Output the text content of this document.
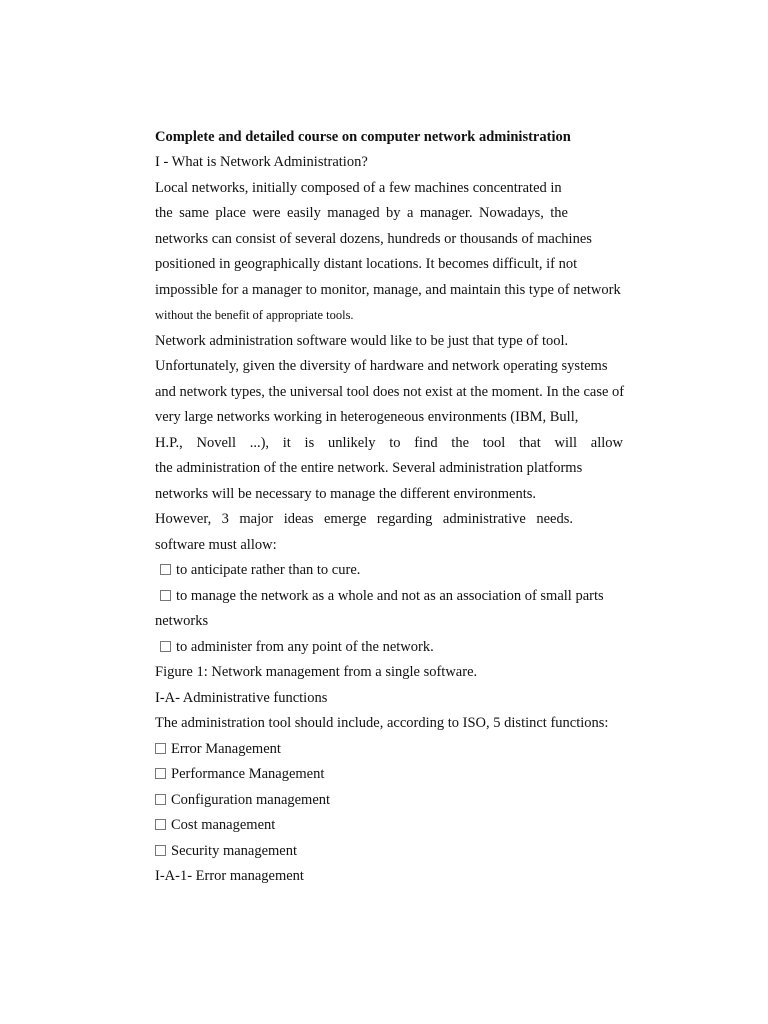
Complete and detailed course on computer network administration
I - What is Network Administration?
Local networks, initially composed of a few machines concentrated in
the same place were easily managed by a manager. Nowadays, the
networks can consist of several dozens, hundreds or thousands of machines
positioned in geographically distant locations. It becomes difficult, if not
impossible for a manager to monitor, manage, and maintain this type of network
without the benefit of appropriate tools.
Network administration software would like to be just that type of tool.
Unfortunately, given the diversity of hardware and network operating systems
and network types, the universal tool does not exist at the moment. In the case of
very large networks working in heterogeneous environments (IBM, Bull,
H.P., Novell ...), it is unlikely to find the tool that will allow
the administration of the entire network. Several administration platforms
networks will be necessary to manage the different environments.
However, 3 major ideas emerge regarding administrative needs.
software must allow:
to anticipate rather than to cure.
to manage the network as a whole and not as an association of small parts
networks
to administer from any point of the network.
Figure 1: Network management from a single software.
I-A- Administrative functions
The administration tool should include, according to ISO, 5 distinct functions:
Error Management
Performance Management
Configuration management
Cost management
Security management
I-A-1- Error management
